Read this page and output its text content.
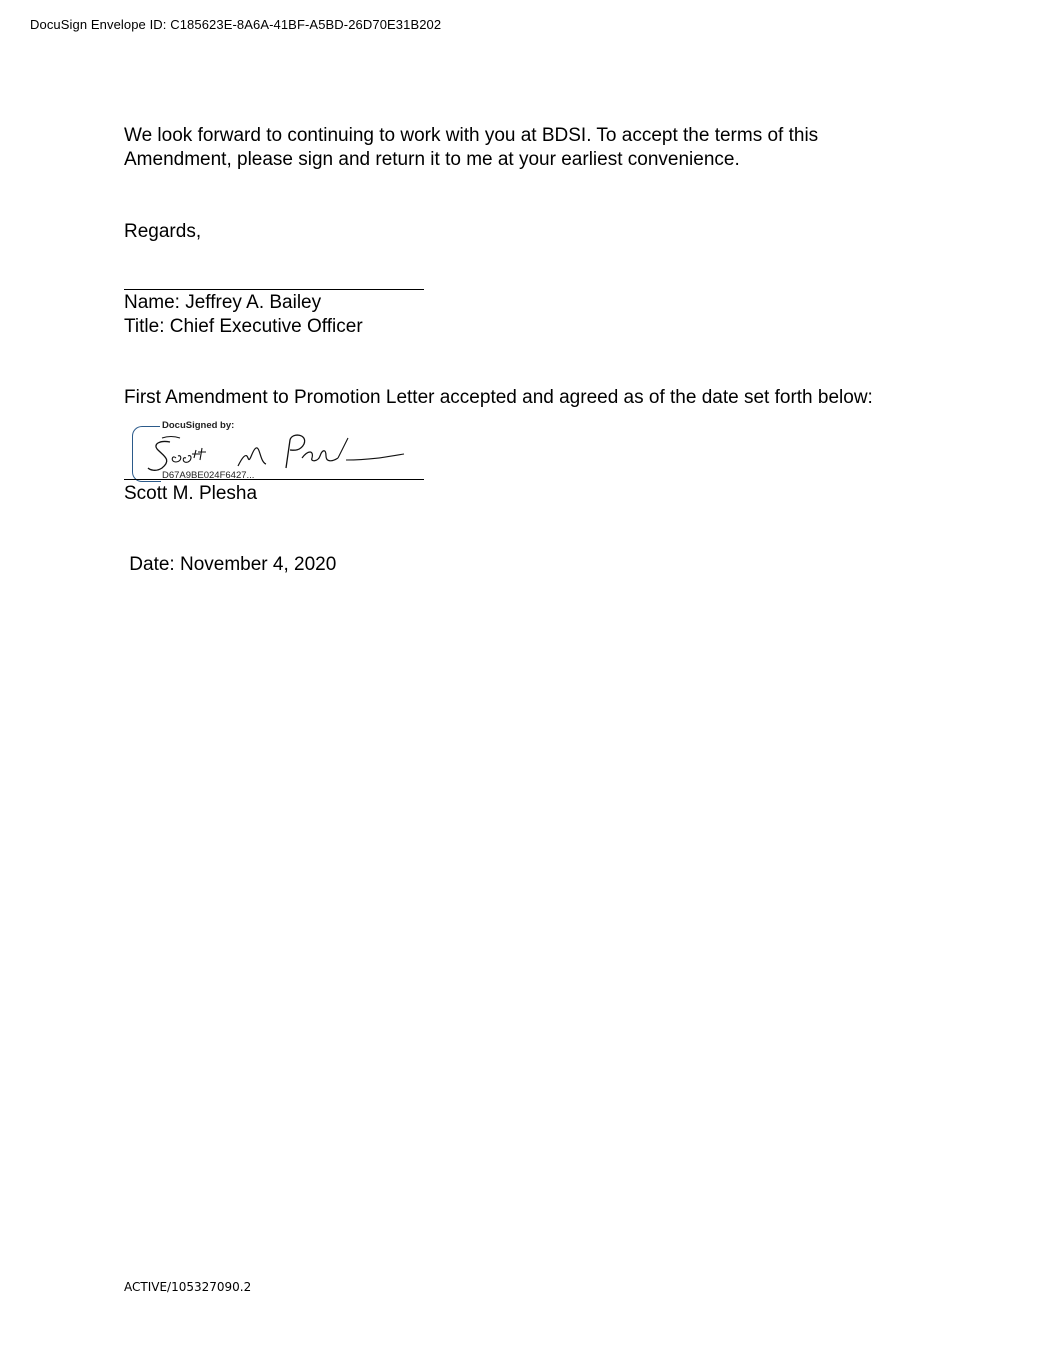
DocuSign Envelope ID: C185623E-8A6A-41BF-A5BD-26D70E31B202
We look forward to continuing to work with you at BDSI. To accept the terms of this
Amendment, please sign and return it to me at your earliest convenience.
Regards,
Name: Jeffrey A. Bailey
Title: Chief Executive Officer
First Amendment to Promotion Letter accepted and agreed as of the date set forth below:
DocuSigned by:
D67A9BE024F6427...
Scott M. Plesha
Date: November 4, 2020
ACTIVE/105327090.2
